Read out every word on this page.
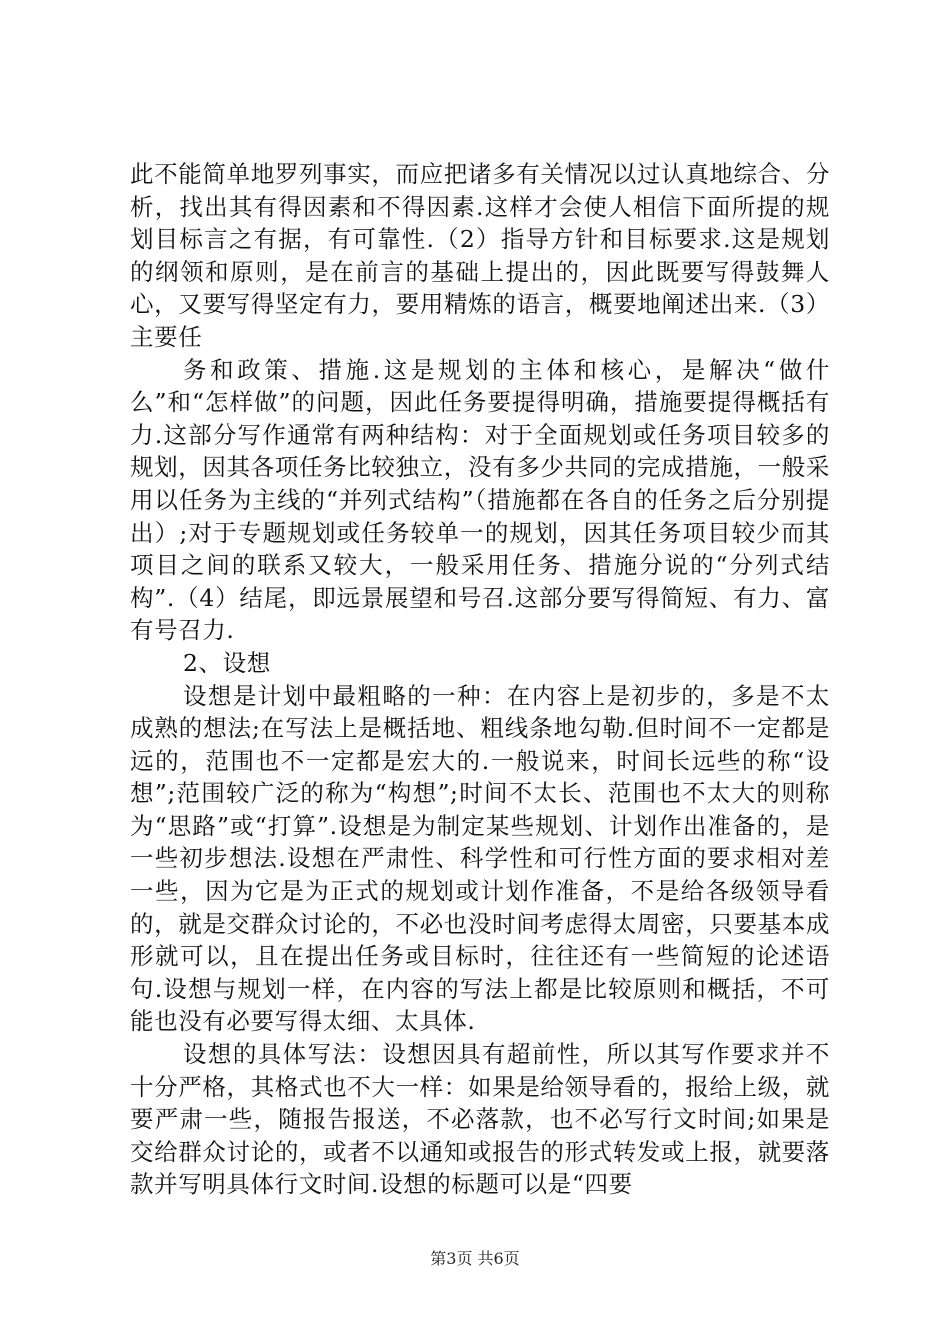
此不能简单地罗列事实，而应把诸多有关情况以过认真地综合、分析，找出其有得因素和不得因素.这样才会使人相信下面所提的规划目标言之有据，有可靠性.（2）指导方针和目标要求.这是规划的纲领和原则，是在前言的基础上提出的，因此既要写得鼓舞人心，又要写得坚定有力，要用精炼的语言，概要地阐述出来.（3）主要任

务和政策、措施.这是规划的主体和核心，是解决“做什么”和“怎样做”的问题，因此任务要提得明确，措施要提得概括有力.这部分写作通常有两种结构：对于全面规划或任务项目较多的规划，因其各项任务比较独立，没有多少共同的完成措施，一般采用以任务为主线的“并列式结构”（措施都在各自的任务之后分别提出）;对于专题规划或任务较单一的规划，因其任务项目较少而其项目之间的联系又较大，一般采用任务、措施分说的“分列式结构”.（4）结尾，即远景展望和号召.这部分要写得简短、有力、富有号召力.

2、设想

设想是计划中最粗略的一种：在内容上是初步的，多是不太成熟的想法;在写法上是概括地、粗线条地勾勒.但时间不一定都是远的，范围也不一定都是宏大的.一般说来，时间长远些的称“设想”;范围较广泛的称为“构想”;时间不太长、范围也不太大的则称为“思路”或“打算”.设想是为制定某些规划、计划作出准备的，是一些初步想法.设想在严肃性、科学性和可行性方面的要求相对差一些，因为它是为正式的规划或计划作准备，不是给各级领导看的，就是交群众讨论的，不必也没时间考虑得太周密，只要基本成形就可以，且在提出任务或目标时，往往还有一些简短的论述语句.设想与规划一样，在内容的写法上都是比较原则和概括，不可能也没有必要写得太细、太具体.

设想的具体写法：设想因具有超前性，所以其写作要求并不十分严格，其格式也不大一样：如果是给领导看的，报给上级，就要严肃一些，随报告报送，不必落款，也不必写行文时间;如果是交给群众讨论的，或者不以通知或报告的形式转发或上报，就要落款并写明具体行文时间.设想的标题可以是“四要

第3页 共6页
